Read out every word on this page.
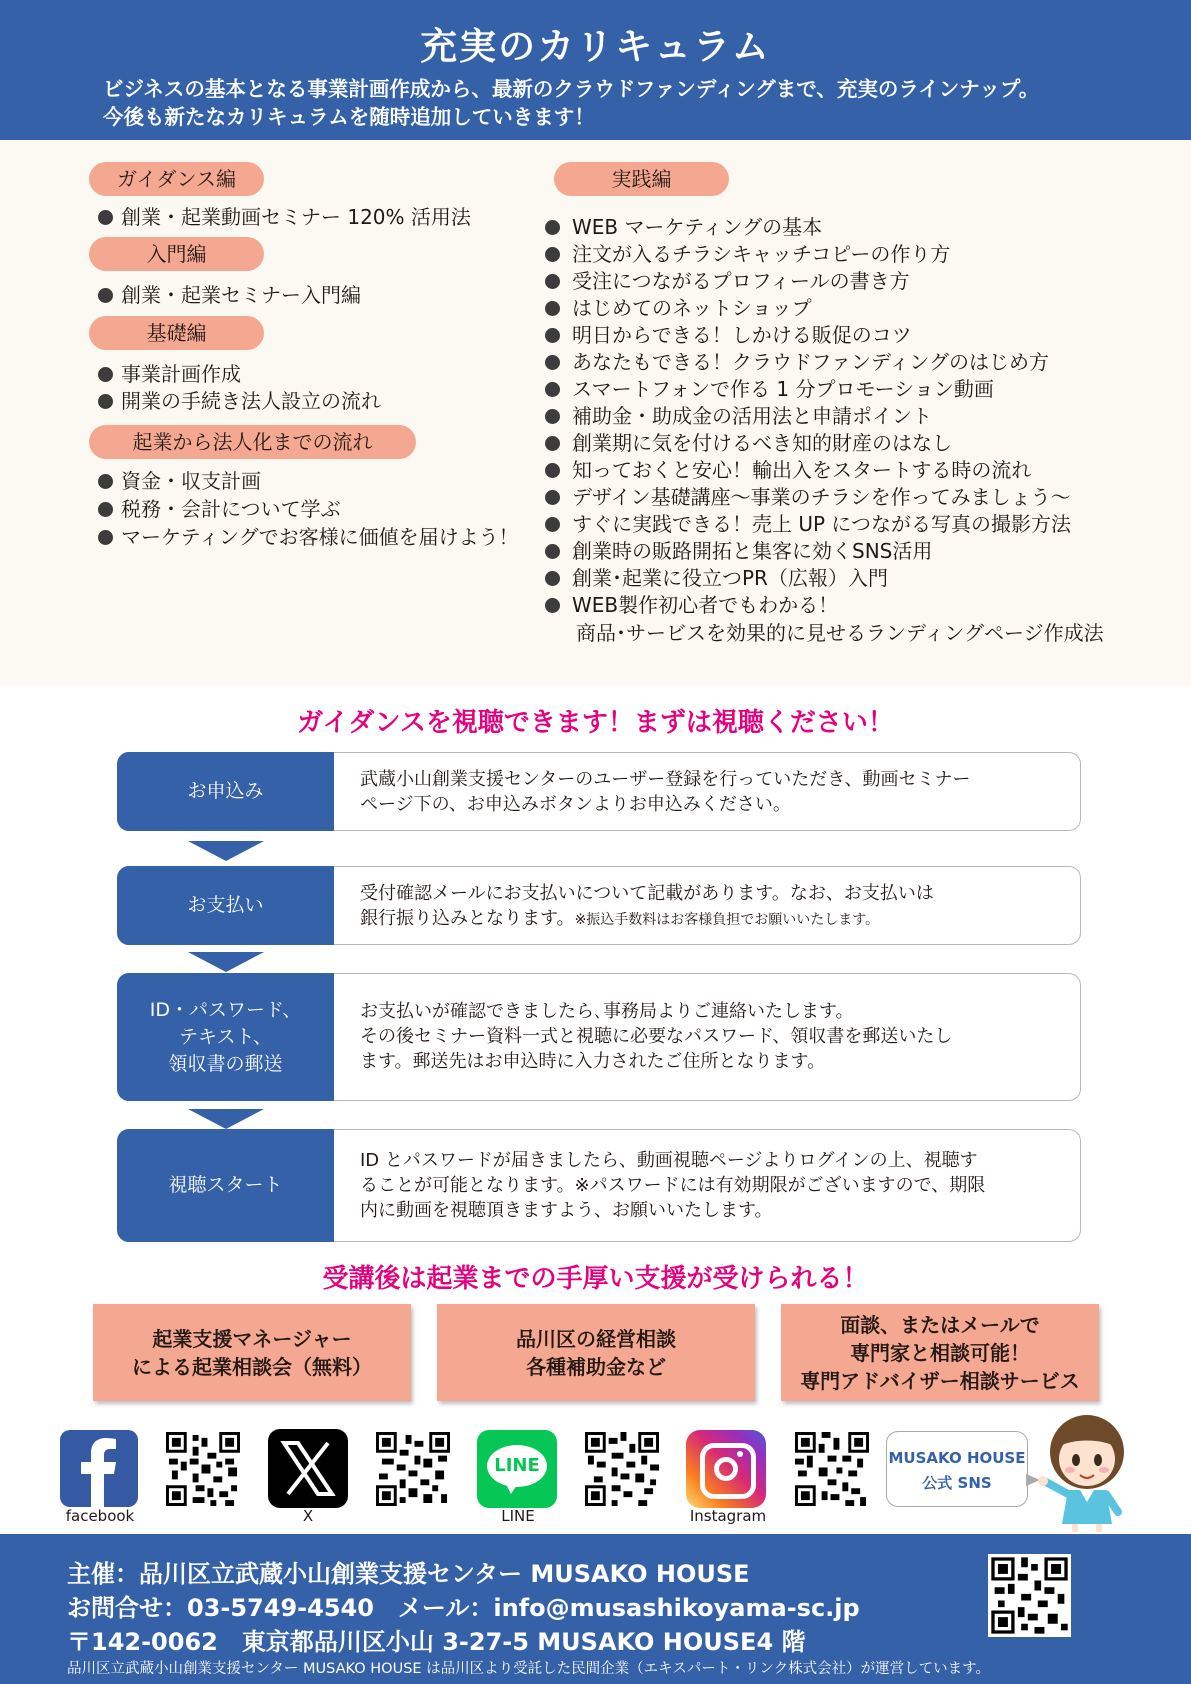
充実のカリキュラム
ビジネスの基本となる事業計画作成から、最新のクラウドファンディングまで、充実のラインナップ。
今後も新たなカリキュラムを随時追加していきます！
ガイダンス編
創業・起業動画セミナー 120% 活用法
入門編
創業・起業セミナー入門編
基礎編
事業計画作成
開業の手続き法人設立の流れ
起業から法人化までの流れ
資金・収支計画
税務・会計について学ぶ
マーケティングでお客様に価値を届けよう！
実践編
WEB マーケティングの基本
注文が入るチラシキャッチコピーの作り方
受注につながるプロフィールの書き方
はじめてのネットショップ
明日からできる！しかける販促のコツ
あなたもできる！クラウドファンディングのはじめ方
スマートフォンで作る 1 分プロモーション動画
補助金・助成金の活用法と申請ポイント
創業期に気を付けるべき知的財産のはなし
知っておくと安心！輸出入をスタートする時の流れ
デザイン基礎講座～事業のチラシを作ってみましょう～
すぐに実践できる！売上 UP につながる写真の撮影方法
創業時の販路開拓と集客に効くSNS活用
創業･起業に役立つPR（広報）入門
WEB製作初心者でもわかる！
商品･サービスを効果的に見せるランディングページ作成法
ガイダンスを視聴できます！まずは視聴ください！
お申込み
武蔵小山創業支援センターのユーザー登録を行っていただき、動画セミナー
ページ下の、お申込みボタンよりお申込みください。
お支払い
受付確認メールにお支払いについて記載があります。なお、お支払いは
銀行振り込みとなります。※振込手数料はお客様負担でお願いいたします。
ID・パスワード、
テキスト、
領収書の郵送
お支払いが確認できましたら､事務局よりご連絡いたします。
その後セミナー資料一式と視聴に必要なパスワード、領収書を郵送いたし
ます。郵送先はお申込時に入力されたご住所となります。
視聴スタート
ID とパスワードが届きましたら、動画視聴ページよりログインの上、視聴す
ることが可能となります。※パスワードには有効期限がございますので、期限
内に動画を視聴頂きますよう、お願いいたします。
受講後は起業までの手厚い支援が受けられる！
起業支援マネージャー
による起業相談会（無料）
品川区の経営相談
各種補助金など
面談、またはメールで
専門家と相談可能！
専門アドバイザー相談サービス
facebook	X
LINE
LINE	Instagram
MUSAKO HOUSE
公式 SNS
主催：品川区立武蔵小山創業支援センター MUSAKO HOUSE
お問合せ：03-5749-4540　メール：info@musashikoyama-sc.jp
〒142-0062　東京都品川区小山 3-27-5 MUSAKO HOUSE4 階
品川区立武蔵小山創業支援センター MUSAKO HOUSE は品川区より受託した民間企業（エキスパート・リンク株式会社）が運営しています。
